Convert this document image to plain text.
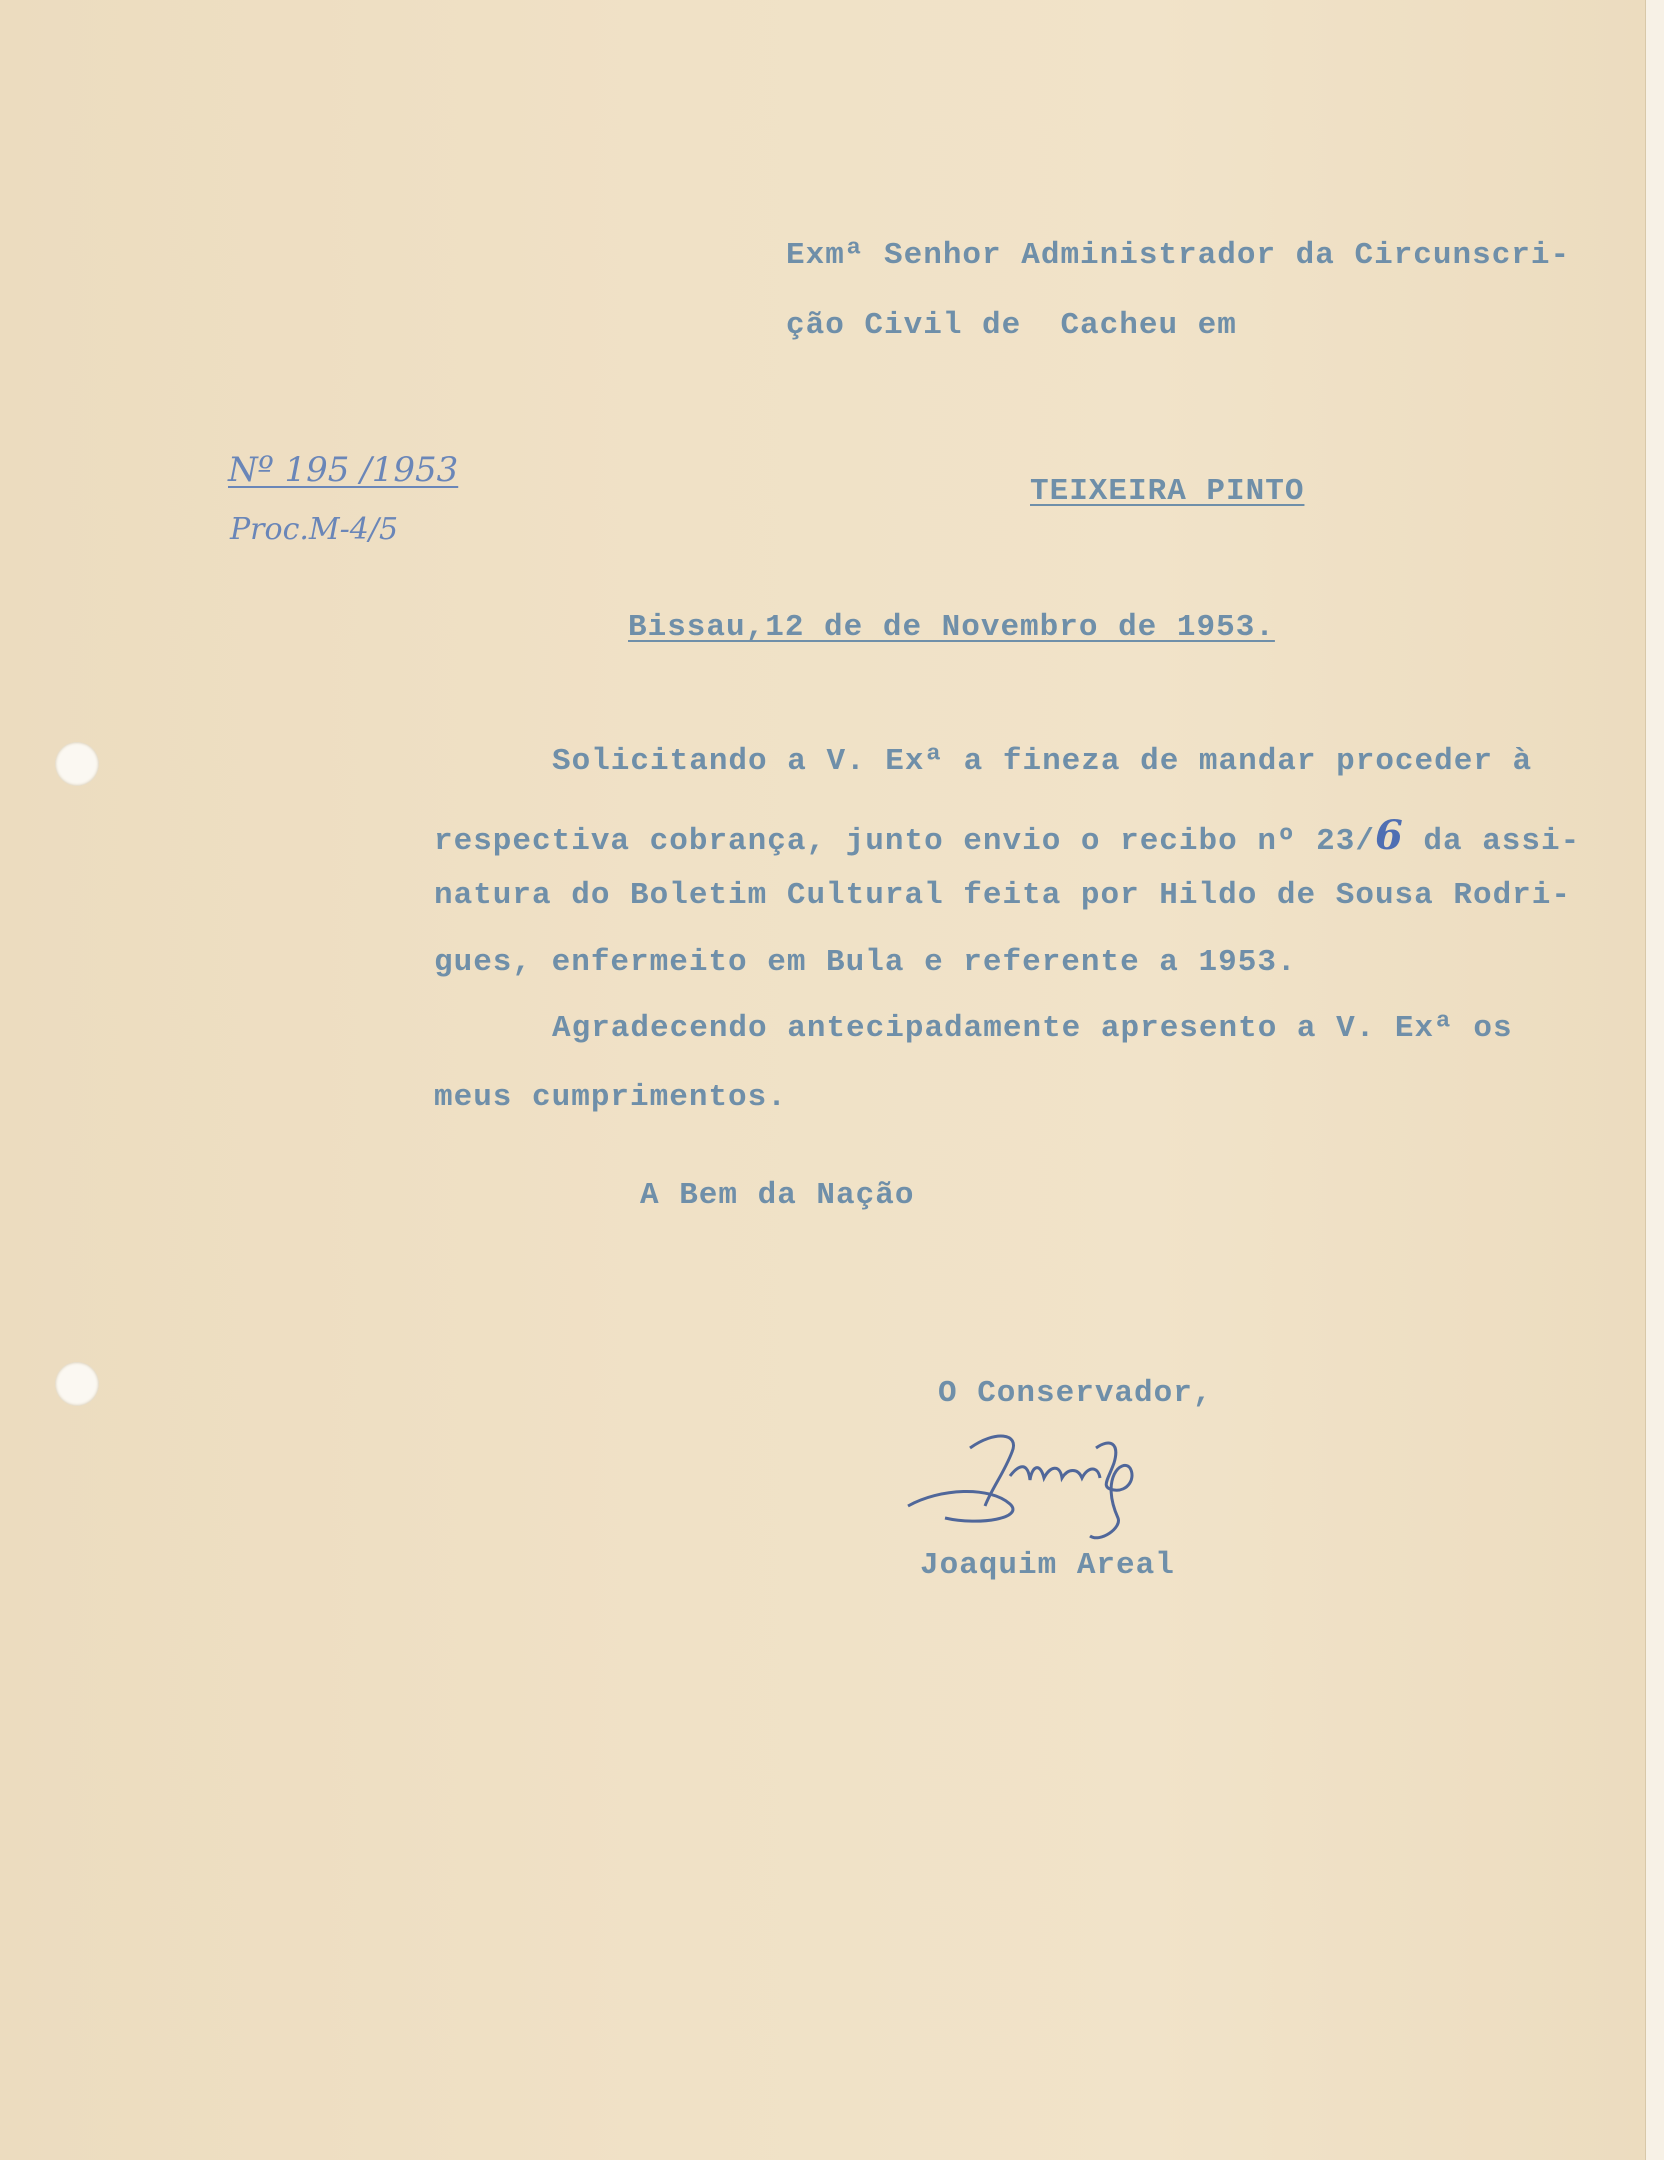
Exmª Senhor Administrador da Circunscri-
ção Civil de  Cacheu em
TEIXEIRA PINTO
Nº 195 /1953
Proc.M-4/5
Bissau,12 de de Novembro de 1953.
Solicitando a V. Exª a fineza de mandar proceder à
respectiva cobrança, junto envio o recibo nº 23/6 da assi-
natura do Boletim Cultural feita por Hildo de Sousa Rodri-
gues, enfermeito em Bula e referente a 1953.
Agradecendo antecipadamente apresento a V. Exª os
meus cumprimentos.
A Bem da Nação
O Conservador,
Joaquim Areal
